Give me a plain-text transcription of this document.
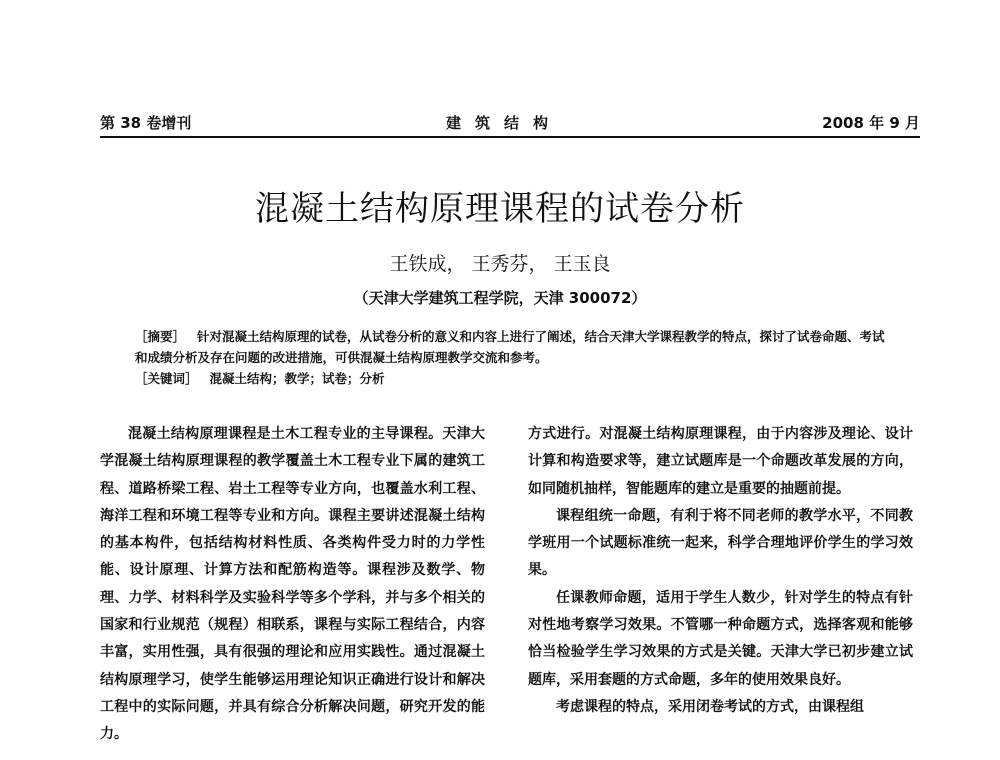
第 38 卷增刊	建筑结构	2008 年 9 月
混凝土结构原理课程的试卷分析
王铁成， 王秀芬， 王玉良
（天津大学建筑工程学院，天津 300072）

［摘要］ 针对混凝土结构原理的试卷，从试卷分析的意义和内容上进行了阐述，结合天津大学课程教学的特点，探讨了试卷命题、考试和成绩分析及存在问题的改进措施，可供混凝土结构原理教学交流和参考。

［关键词］ 混凝土结构；教学；试卷；分析

混凝土结构原理课程是土木工程专业的主导课程。天津大学混凝土结构原理课程的教学覆盖土木工程专业下属的建筑工程、道路桥梁工程、岩土工程等专业方向，也覆盖水利工程、海洋工程和环境工程等专业和方向。课程主要讲述混凝土结构的基本构件，包括结构材料性质、各类构件受力时的力学性能、设计原理、计算方法和配筋构造等。课程涉及数学、物理、力学、材料科学及实验科学等多个学科，并与多个相关的国家和行业规范（规程）相联系，课程与实际工程结合，内容丰富，实用性强，具有很强的理论和应用实践性。通过混凝土结构原理学习，使学生能够运用理论知识正确进行设计和解决工程中的实际问题，并具有综合分析解决问题，研究开发的能力。

方式进行。对混凝土结构原理课程，由于内容涉及理论、设计计算和构造要求等，建立试题库是一个命题改革发展的方向，如同随机抽样，智能题库的建立是重要的抽题前提。

课程组统一命题，有利于将不同老师的教学水平，不同教学班用一个试题标准统一起来，科学合理地评价学生的学习效果。

任课教师命题，适用于学生人数少，针对学生的特点有针对性地考察学习效果。不管哪一种命题方式，选择客观和能够恰当检验学生学习效果的方式是关键。天津大学已初步建立试题库，采用套题的方式命题，多年的使用效果良好。

考虑课程的特点，采用闭卷考试的方式，由课程组
